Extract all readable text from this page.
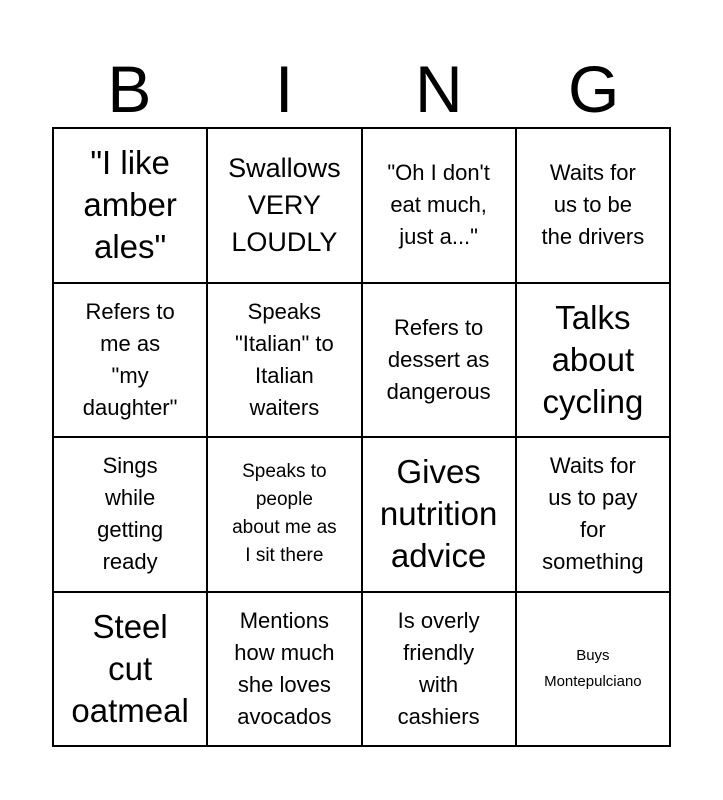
B	I	N	G
"I like
amber
ales"
Swallows
VERY
LOUDLY
"Oh I don't
eat much,
just a..."
Waits for
us to be
the drivers
Refers to
me as
"my
daughter"
Speaks
"Italian" to
Italian
waiters
Refers to
dessert as
dangerous
Talks
about
cycling
Sings
while
getting
ready
Speaks to
people
about me as
I sit there
Gives
nutrition
advice
Waits for
us to pay
for
something
Steel
cut
oatmeal
Mentions
how much
she loves
avocados
Is overly
friendly
with
cashiers
Buys
Montepulciano
